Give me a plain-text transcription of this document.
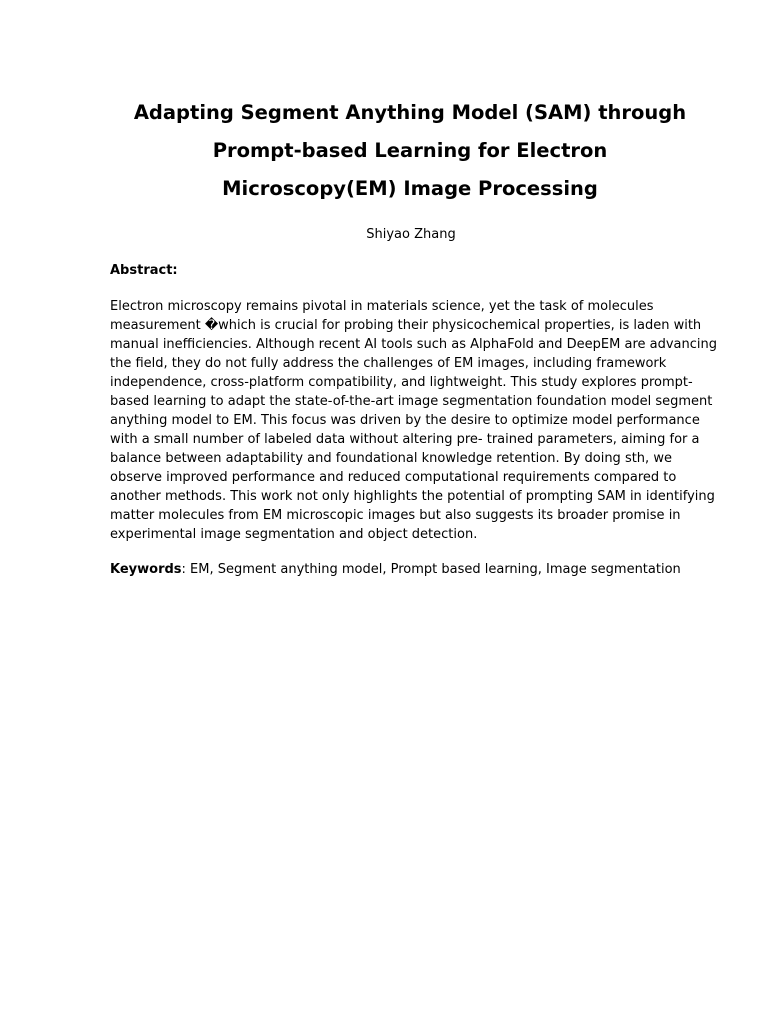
Adapting Segment Anything Model (SAM) through
Prompt-based Learning for Electron
Microscopy(EM) Image Processing
Shiyao Zhang
Abstract:

Electron microscopy remains pivotal in materials science, yet the task of molecules
measurement �which is crucial for probing their physicochemical properties, is laden with
manual inefficiencies. Although recent AI tools such as AlphaFold and DeepEM are advancing
the field, they do not fully address the challenges of EM images, including framework
independence, cross-platform compatibility, and lightweight. This study explores prompt-
based learning to adapt the state-of-the-art image segmentation foundation model segment
anything model to EM. This focus was driven by the desire to optimize model performance
with a small number of labeled data without altering pre- trained parameters, aiming for a
balance between adaptability and foundational knowledge retention. By doing sth, we
observe improved performance and reduced computational requirements compared to
another methods. This work not only highlights the potential of prompting SAM in identifying
matter molecules from EM microscopic images but also suggests its broader promise in
experimental image segmentation and object detection.

Keywords: EM, Segment anything model, Prompt based learning, Image segmentation
